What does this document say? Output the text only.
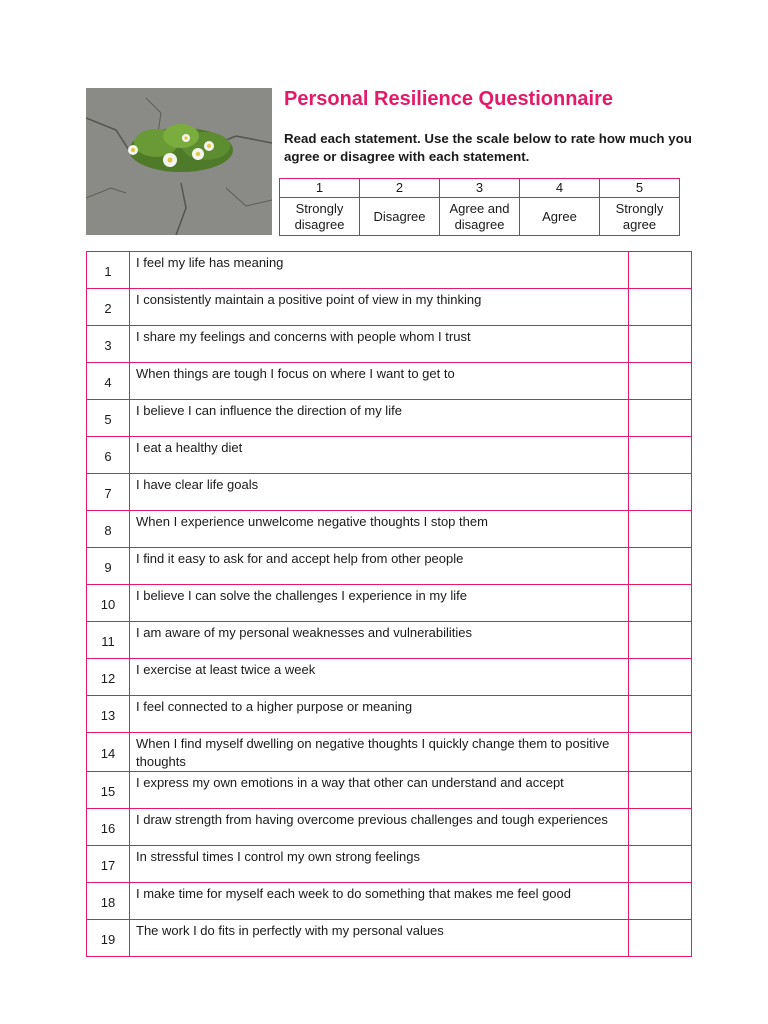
Personal Resilience Questionnaire
Read each statement. Use the scale below to rate how much you agree or disagree with each statement.
1	2	3	4	5
Strongly disagree	Disagree	Agree and disagree	Agree	Strongly agree
1	I feel my life has meaning	
2	I consistently maintain a positive point of view in my thinking	
3	I share my feelings and concerns with people whom I trust	
4	When things are tough I focus on where I want to get to	
5	I believe I can influence the direction of my life	
6	I eat a healthy diet	
7	I have clear life goals	
8	When I experience unwelcome negative thoughts I stop them	
9	I find it easy to ask for and accept help from other people	
10	I believe I can solve the challenges I experience in my life	
11	I am aware of my personal weaknesses and vulnerabilities	
12	I exercise at least twice a week	
13	I feel connected to a higher purpose or meaning	
14	When I find myself dwelling on negative thoughts I quickly change them to positive thoughts	
15	I express my own emotions in a way that other can understand and accept	
16	I draw strength from having overcome previous challenges and tough experiences	
17	In stressful times I control my own strong feelings	
18	I make time for myself each week to do something that makes me feel good	
19	The work I do fits in perfectly with my personal values	
